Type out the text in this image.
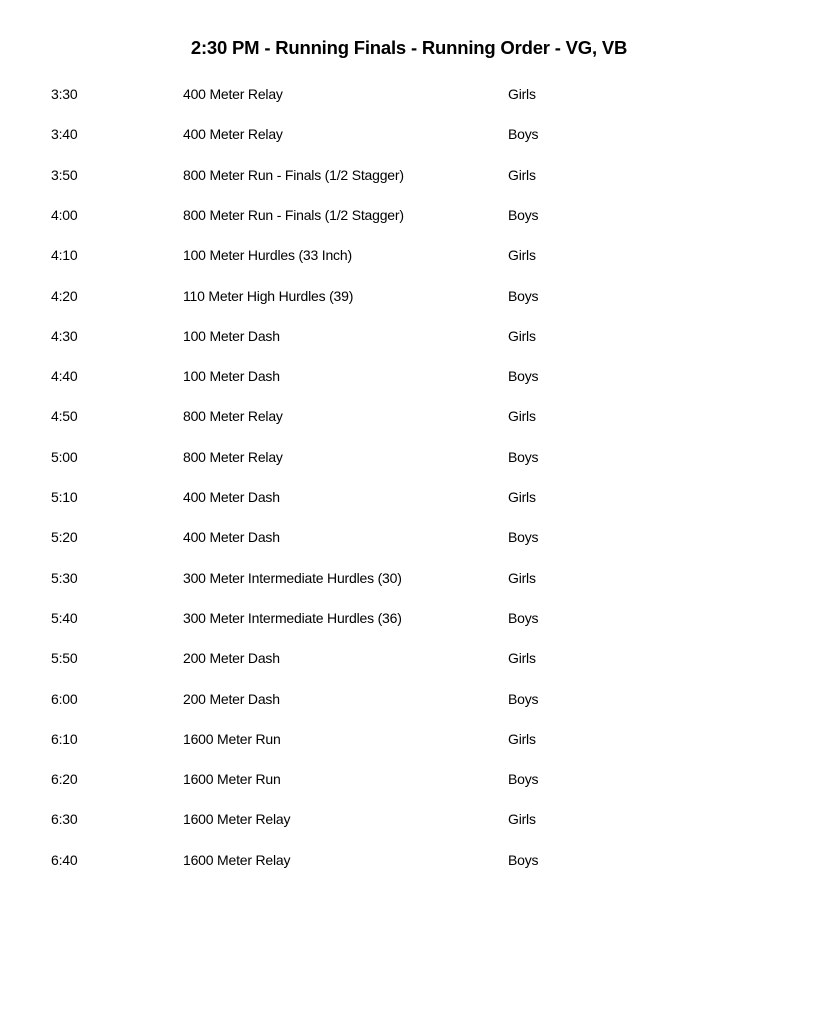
2:30 PM - Running Finals - Running Order - VG, VB
3:30	400 Meter Relay	Girls
3:40	400 Meter Relay	Boys
3:50	800 Meter Run - Finals (1/2 Stagger)	Girls
4:00	800 Meter Run - Finals (1/2 Stagger)	Boys
4:10	100 Meter Hurdles (33 Inch)	Girls
4:20	110 Meter High Hurdles (39)	Boys
4:30	100 Meter Dash	Girls
4:40	100 Meter Dash	Boys
4:50	800 Meter Relay	Girls
5:00	800 Meter Relay	Boys
5:10	400 Meter Dash	Girls
5:20	400 Meter Dash	Boys
5:30	300 Meter Intermediate Hurdles (30)	Girls
5:40	300 Meter Intermediate Hurdles (36)	Boys
5:50	200 Meter Dash	Girls
6:00	200 Meter Dash	Boys
6:10	1600 Meter Run	Girls
6:20	1600 Meter Run	Boys
6:30	1600 Meter Relay	Girls
6:40	1600 Meter Relay	Boys
